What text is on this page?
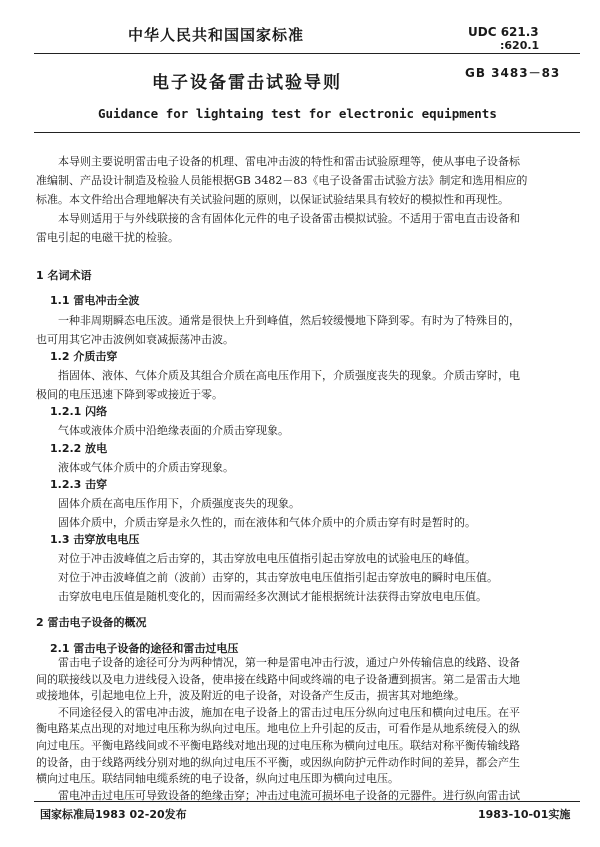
中华人民共和国国家标准	UDC 621.3
:620.1
GB 3483－83
电子设备雷击试验导则
Guidance for lightaing test for electronic equipments
本导则主要说明雷击电子设备的机理、雷电冲击波的特性和雷击试验原理等，使从事电子设备标
准编制、产品设计制造及检验人员能根据GB 3482－83《电子设备雷击试验方法》制定和选用相应的
标准。本文件给出合理地解决有关试验问题的原则，以保证试验结果具有较好的模拟性和再现性。
本导则适用于与外线联接的含有固体化元件的电子设备雷击模拟试验。不适用于雷电直击设备和
雷电引起的电磁干扰的检验。
1 名词术语
1.1 雷电冲击全波
一种非周期瞬态电压波。通常是很快上升到峰值，然后较缓慢地下降到零。有时为了特殊目的，
也可用其它冲击波例如衰减振荡冲击波。
1.2 介质击穿
指固体、液体、气体介质及其组合介质在高电压作用下，介质强度丧失的现象。介质击穿时，电
极间的电压迅速下降到零或接近于零。
1.2.1 闪络
气体或液体介质中沿绝缘表面的介质击穿现象。
1.2.2 放电
液体或气体介质中的介质击穿现象。
1.2.3 击穿
固体介质在高电压作用下，介质强度丧失的现象。
固体介质中，介质击穿是永久性的，而在液体和气体介质中的介质击穿有时是暂时的。
1.3 击穿放电电压
对位于冲击波峰值之后击穿的，其击穿放电电压值指引起击穿放电的试验电压的峰值。
对位于冲击波峰值之前（波前）击穿的，其击穿放电电压值指引起击穿放电的瞬时电压值。
击穿放电电压值是随机变化的，因而需经多次测试才能根据统计法获得击穿放电电压值。
2 雷击电子设备的概况
2.1 雷击电子设备的途径和雷击过电压
雷击电子设备的途径可分为两种情况，第一种是雷电冲击行波，通过户外传输信息的线路、设备
间的联接线以及电力进线侵入设备，使串接在线路中间或终端的电子设备遭到损害。第二是雷击大地
或接地体，引起地电位上升，波及附近的电子设备，对设备产生反击，损害其对地绝缘。
不同途径侵入的雷电冲击波，施加在电子设备上的雷击过电压分纵向过电压和横向过电压。在平
衡电路某点出现的对地过电压称为纵向过电压。地电位上升引起的反击，可看作是从地系统侵入的纵
向过电压。平衡电路线间或不平衡电路线对地出现的过电压称为横向过电压。联结对称平衡传输线路
的设备，由于线路两线分别对地的纵向过电压不平衡，或因纵向防护元件动作时间的差异，都会产生
横向过电压。联结同轴电缆系统的电子设备，纵向过电压即为横向过电压。
雷电冲击过电压可导致设备的绝缘击穿；冲击过电流可损坏电子设备的元器件。进行纵向雷击试
国家标准局1983 02-20发布	1983-10-01实施
